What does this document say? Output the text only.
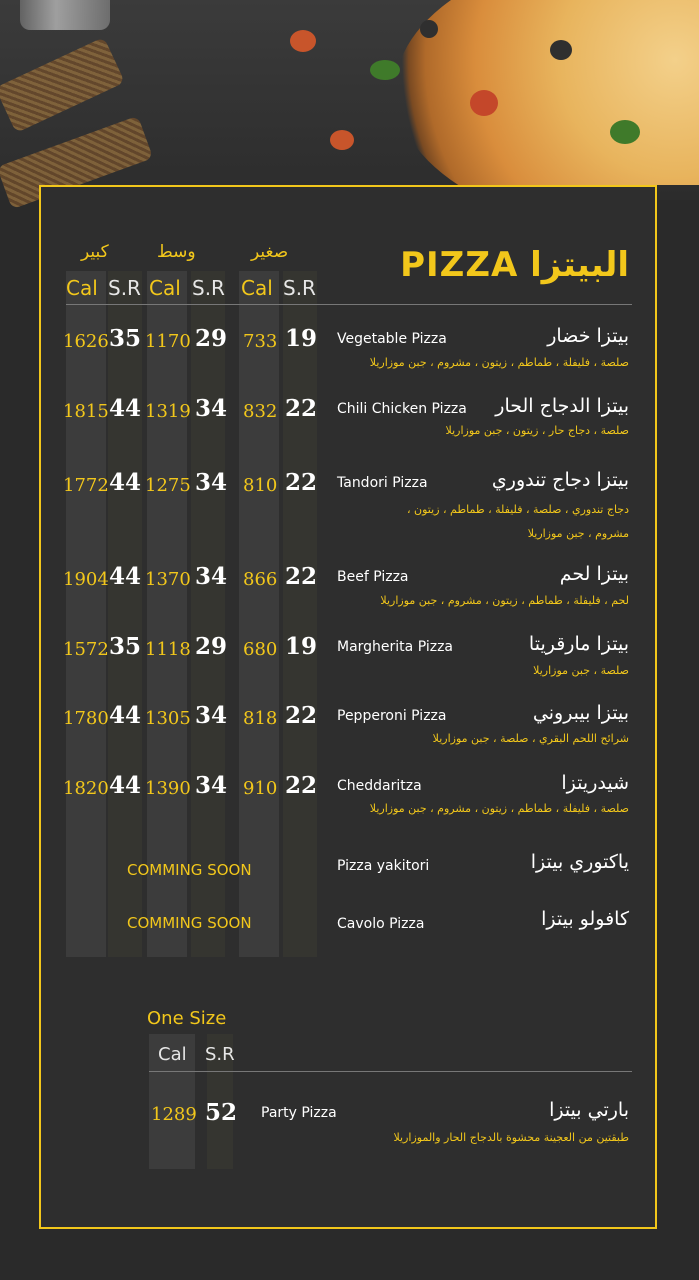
البيتزا PIZZA
كبير	وسط	صغير
Cal S.R Cal S.R Cal S.R
1626 35 1170 29 733 19 Vegetable Pizza	بيتزا خضار
صلصة ، فليفلة ، طماطم ، زيتون ، مشروم ، جبن موزاريلا
1815 44 1319 34 832 22 Chili Chicken Pizza بيتزا الدجاج الحار
صلصة ، دجاج حار ، زيتون ، جبن موزاريلا
1772 44 1275 34 810 22 Tandori Pizza	بيتزا دجاج تندوري
دجاج تندوري ، صلصة ، فليفلة ، طماطم ، زيتون ،
مشروم ، جبن موزاريلا
1904 44 1370 34 866 22 Beef Pizza	بيتزا لحم
لحم ، فليفلة ، طماطم ، زيتون ، مشروم ، جبن موزاريلا
1572 35 1118 29 680 19 Margherita Pizza	بيتزا مارقريتا
صلصة ، جبن موزاريلا
1780 44 1305 34 818 22 Pepperoni Pizza	بيتزا بيبروني
شرائح اللحم البقري ، صلصة ، جبن موزاريلا
1820 44 1390 34 910 22 Cheddaritza	شيدريتزا
صلصة ، فليفلة ، طماطم ، زيتون ، مشروم ، جبن موزاريلا
COMMING SOON	Pizza yakitori	ياكتوري بيتزا
COMMING SOON	Cavolo Pizza	كافولو بيتزا
One Size
Cal S.R
1289 52 Party Pizza	بارتي بيتزا
طبقتين من العجينة محشوة بالدجاج الحار والموزاريلا
